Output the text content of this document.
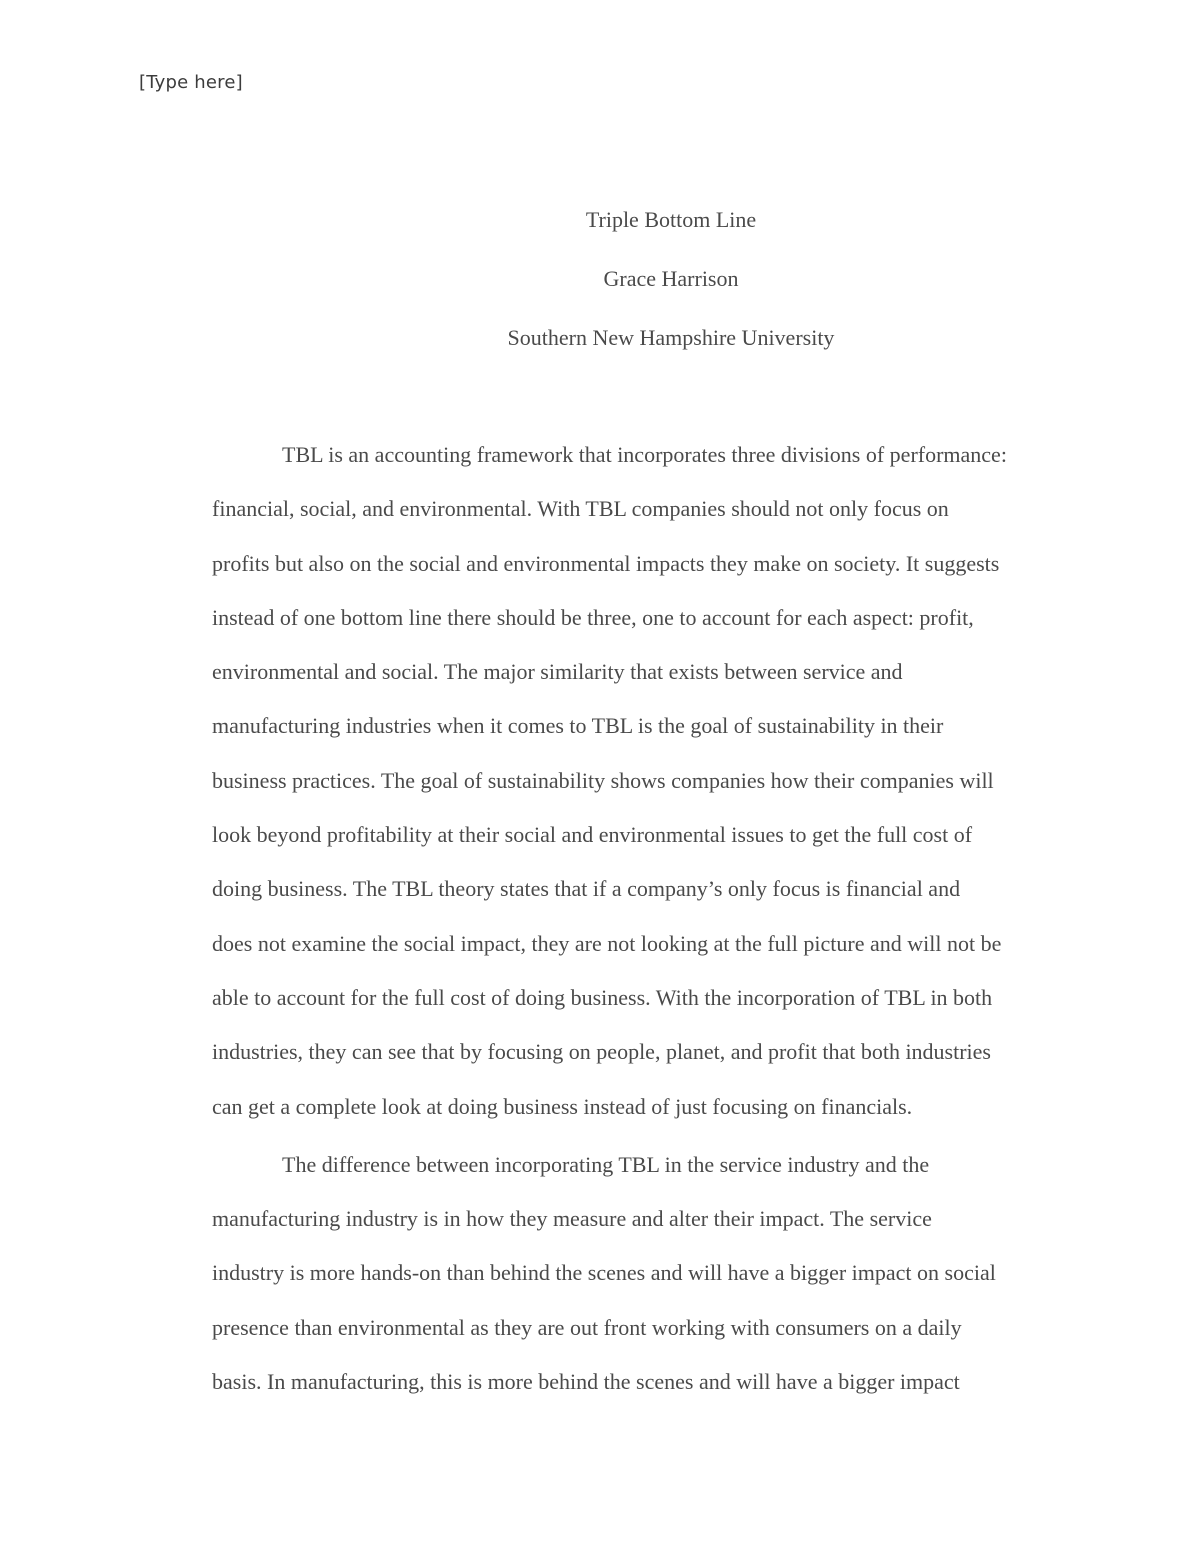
[Type here]
Triple Bottom Line
Grace Harrison
Southern New Hampshire University
TBL is an accounting framework that incorporates three divisions of performance:
financial, social, and environmental. With TBL companies should not only focus on
profits but also on the social and environmental impacts they make on society. It suggests
instead of one bottom line there should be three, one to account for each aspect: profit,
environmental and social. The major similarity that exists between service and
manufacturing industries when it comes to TBL is the goal of sustainability in their
business practices. The goal of sustainability shows companies how their companies will
look beyond profitability at their social and environmental issues to get the full cost of
doing business. The TBL theory states that if a company’s only focus is financial and
does not examine the social impact, they are not looking at the full picture and will not be
able to account for the full cost of doing business. With the incorporation of TBL in both
industries, they can see that by focusing on people, planet, and profit that both industries
can get a complete look at doing business instead of just focusing on financials.
The difference between incorporating TBL in the service industry and the
manufacturing industry is in how they measure and alter their impact. The service
industry is more hands-on than behind the scenes and will have a bigger impact on social
presence than environmental as they are out front working with consumers on a daily
basis. In manufacturing, this is more behind the scenes and will have a bigger impact
